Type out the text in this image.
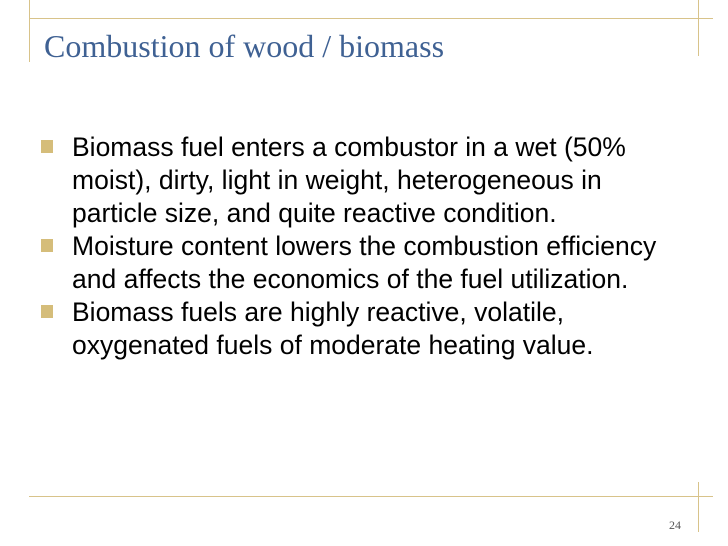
Combustion of wood / biomass
Biomass fuel enters a combustor in a wet (50% moist), dirty, light in weight, heterogeneous in particle size, and quite reactive condition.
Moisture content lowers the combustion efficiency and affects the economics of the fuel utilization.
Biomass fuels are highly reactive, volatile, oxygenated fuels of moderate heating value.
24
